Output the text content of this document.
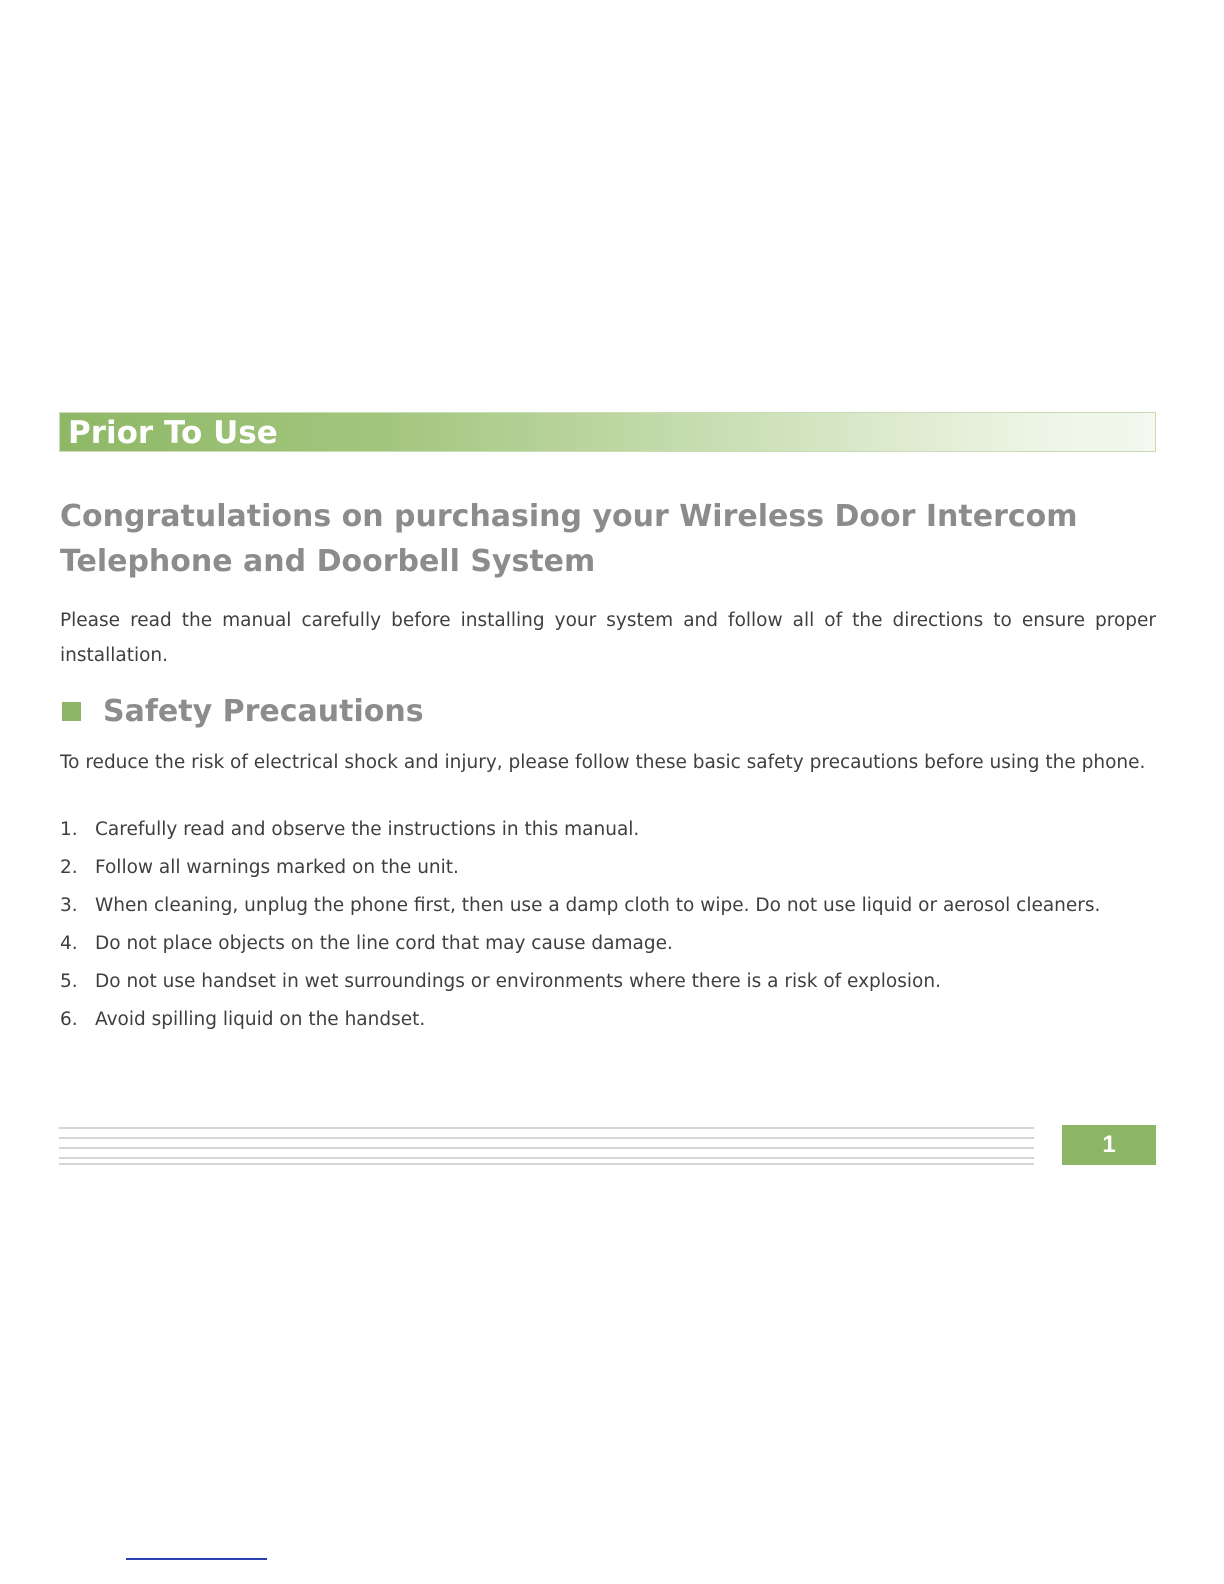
Prior To Use
Congratulations on purchasing your Wireless Door Intercom Telephone and Doorbell System

Please read the manual carefully before installing your system and follow all of the directions to ensure proper installation.

Safety Precautions

To reduce the risk of electrical shock and injury, please follow these basic safety precautions before using the phone.

1. Carefully read and observe the instructions in this manual.
2. Follow all warnings marked on the unit.
3. When cleaning, unplug the phone first, then use a damp cloth to wipe. Do not use liquid or aerosol cleaners.
4. Do not place objects on the line cord that may cause damage.
5. Do not use handset in wet surroundings or environments where there is a risk of explosion.
6. Avoid spilling liquid on the handset.
1
